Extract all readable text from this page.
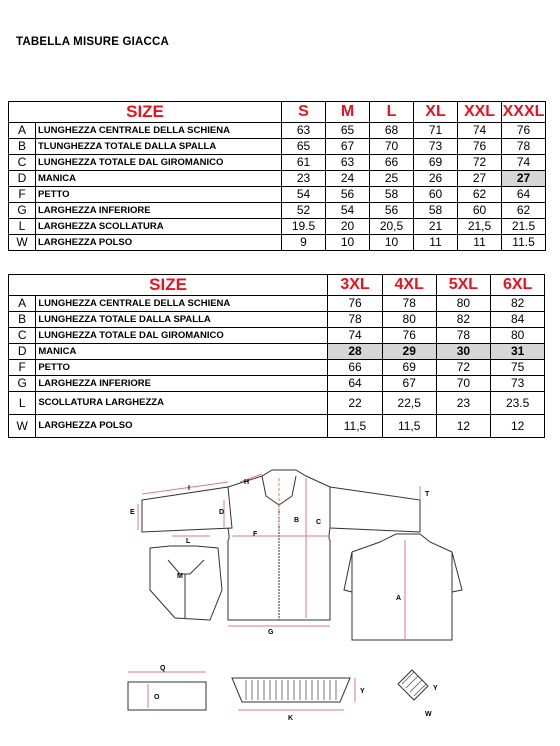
TABELLA MISURE GIACCA
SIZE		S	M	L	XL	XXL	XXXL
A	LUNGHEZZA CENTRALE DELLA SCHIENA	63	65	68	71	74	76
B	TLUNGHEZZA TOTALE DALLA SPALLA	65	67	70	73	76	78
C	LUNGHEZZA TOTALE DAL GIROMANICO	61	63	66	69	72	74
D	MANICA	23	24	25	26	27	27
F	PETTO	54	56	58	60	62	64
G	LARGHEZZA INFERIORE	52	54	56	58	60	62
L	LARGHEZZA SCOLLATURA	19.5	20	20,5	21	21,5	21.5
W	LARGHEZZA POLSO	9	10	10	11	11	11.5
SIZE		3XL	4XL	5XL	6XL
A	LUNGHEZZA CENTRALE DELLA SCHIENA	76	78	80	82
B	LUNGHEZZA TOTALE DALLA SPALLA	78	80	82	84
C	LUNGHEZZA TOTALE DAL GIROMANICO	74	76	78	80
D	MANICA	28	29	30	31
F	PETTO	66	69	72	75
G	LARGHEZZA INFERIORE	64	67	70	73
L	SCOLLATURA LARGHEZZA	22	22,5	23	23.5
W	LARGHEZZA POLSO	11,5	11,5	12	12
I
H
E	D
B C
T
F
G
A
L
M
Q
O
K
Y	Y
W
